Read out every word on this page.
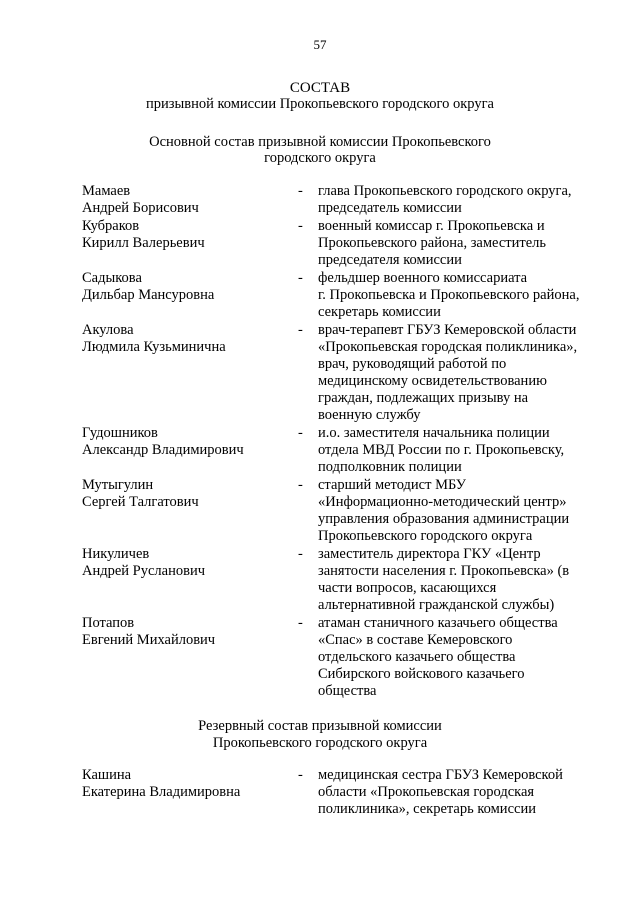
57
СОСТАВ
призывной комиссии Прокопьевского городского округа
Основной состав призывной комиссии Прокопьевского
городского округа
Мамаев
Андрей Борисович
-	глава Прокопьевского городского округа,
председатель комиссии
Кубраков
Кирилл Валерьевич
-	военный комиссар г. Прокопьевска и
Прокопьевского района, заместитель
председателя комиссии
Садыкова
Дильбар Мансуровна
-	фельдшер военного комиссариата
г. Прокопьевска и Прокопьевского района,
секретарь комиссии
Акулова
Людмила Кузьминична
-	врач-терапевт ГБУЗ Кемеровской области
«Прокопьевская городская поликлиника»,
врач, руководящий работой по
медицинскому освидетельствованию
граждан, подлежащих призыву на
военную службу
Гудошников
Александр Владимирович
-	и.о. заместителя начальника полиции
отдела МВД России по г. Прокопьевску,
подполковник полиции
Мутыгулин
Сергей Талгатович
-	старший методист МБУ
«Информационно-методический центр»
управления образования администрации
Прокопьевского городского округа
Никуличев
Андрей Русланович
-	заместитель директора ГКУ «Центр
занятости населения г. Прокопьевска» (в
части вопросов, касающихся
альтернативной гражданской службы)
Потапов
Евгений Михайлович
-	атаман станичного казачьего общества
«Спас» в составе Кемеровского
отдельского казачьего общества
Сибирского войскового казачьего
общества
Резервный состав призывной комиссии
Прокопьевского городского округа
Кашина
Екатерина Владимировна
-	медицинская сестра ГБУЗ Кемеровской
области «Прокопьевская городская
поликлиника», секретарь комиссии
